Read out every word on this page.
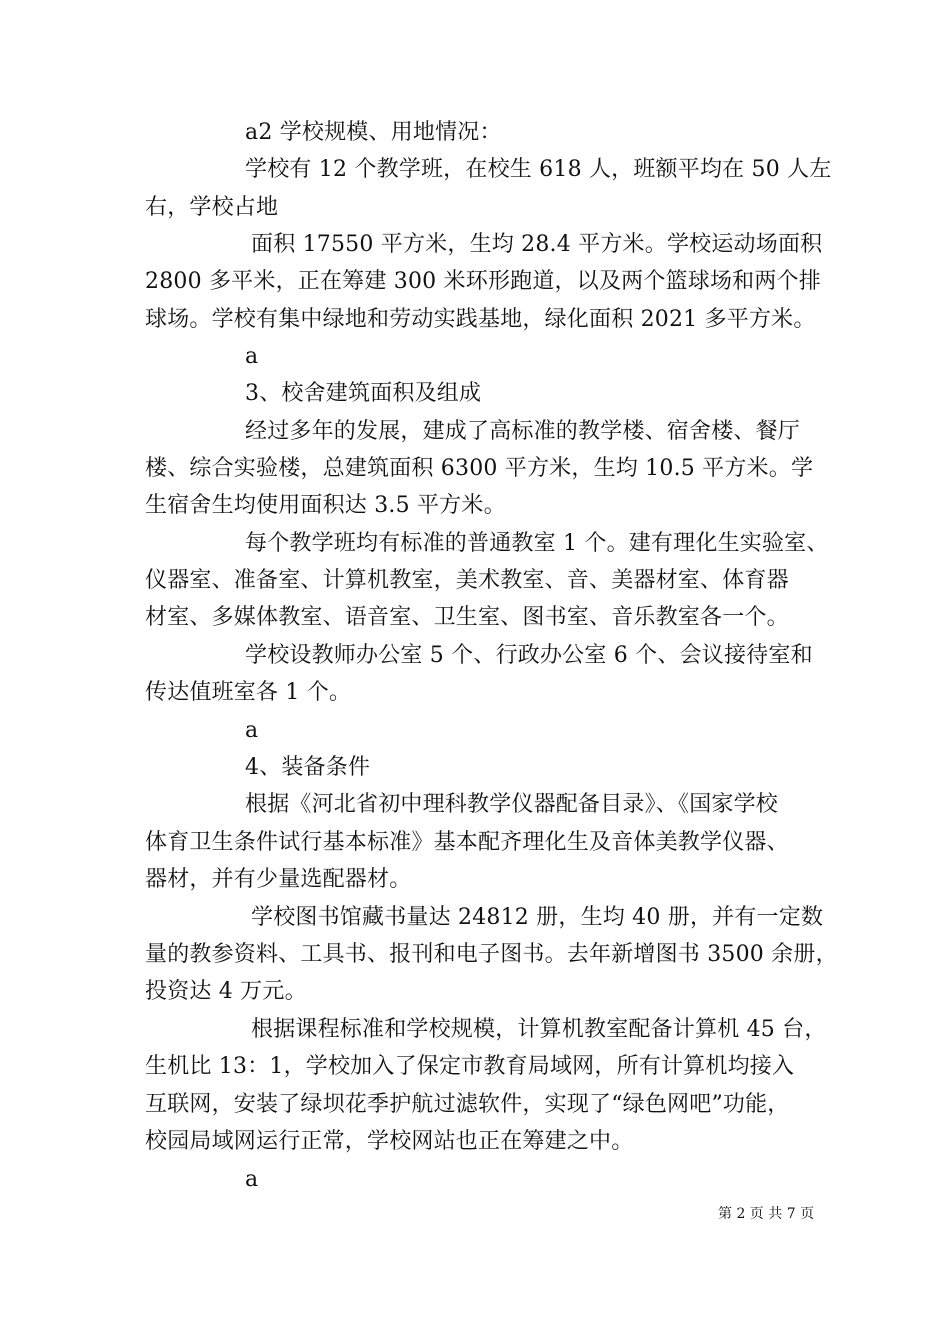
a2 学校规模、用地情况：
学校有 12 个教学班，在校生 618 人，班额平均在 50 人左
右，学校占地
面积 17550 平方米，生均 28.4 平方米。学校运动场面积
2800 多平米，正在筹建 300 米环形跑道，以及两个篮球场和两个排
球场。学校有集中绿地和劳动实践基地，绿化面积 2021 多平方米。
a
3、校舍建筑面积及组成
经过多年的发展，建成了高标准的教学楼、宿舍楼、餐厅
楼、综合实验楼，总建筑面积 6300 平方米，生均 10.5 平方米。学
生宿舍生均使用面积达 3.5 平方米。
每个教学班均有标准的普通教室 1 个。建有理化生实验室、
仪器室、准备室、计算机教室，美术教室、音、美器材室、体育器
材室、多媒体教室、语音室、卫生室、图书室、音乐教室各一个。
学校设教师办公室 5 个、行政办公室 6 个、会议接待室和
传达值班室各 1 个。
a
4、装备条件
根据《河北省初中理科教学仪器配备目录》、《国家学校
体育卫生条件试行基本标准》基本配齐理化生及音体美教学仪器、
器材，并有少量选配器材。
学校图书馆藏书量达 24812 册，生均 40 册，并有一定数
量的教参资料、工具书、报刊和电子图书。去年新增图书 3500 余册，
投资达 4 万元。
根据课程标准和学校规模，计算机教室配备计算机 45 台，
生机比 13：1，学校加入了保定市教育局域网，所有计算机均接入
互联网，安装了绿坝花季护航过滤软件，实现了“绿色网吧”功能，
校园局域网运行正常，学校网站也正在筹建之中。
a
第 2 页 共 7 页
